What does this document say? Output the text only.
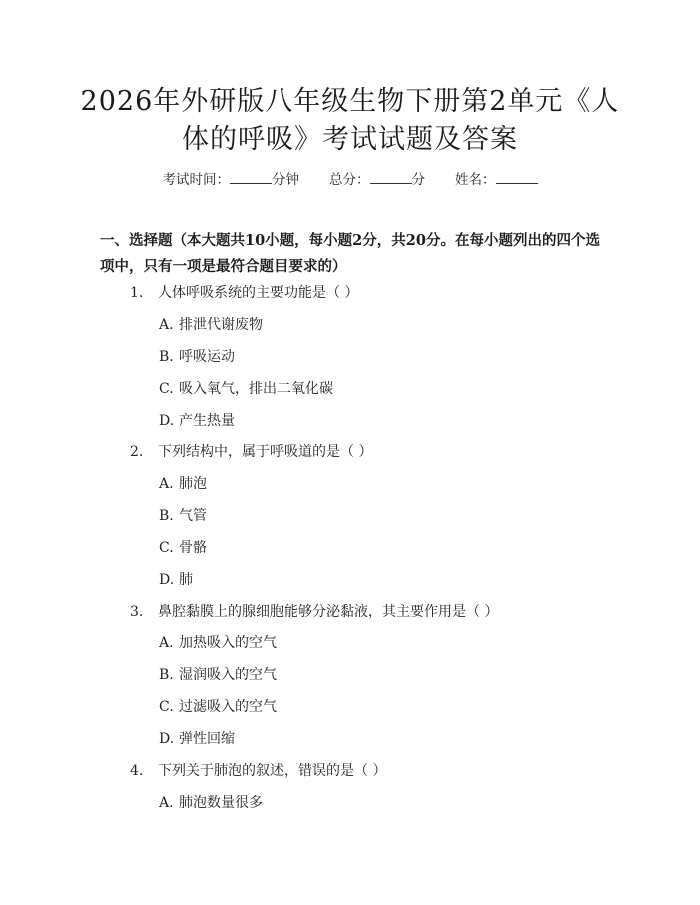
2026年外研版八年级生物下册第2单元《人
体的呼吸》考试试题及答案
考试时间：	分钟 总分：	分 姓名：
一、选择题（本大题共10小题，每小题2分，共20分。在每小题列出的四个选
项中，只有一项是最符合题目要求的）
1. 人体呼吸系统的主要功能是（ ）
A. 排泄代谢废物
B. 呼吸运动
C. 吸入氧气，排出二氧化碳
D. 产生热量
2. 下列结构中，属于呼吸道的是（ ）
A. 肺泡
B. 气管
C. 骨骼
D. 肺
3. 鼻腔黏膜上的腺细胞能够分泌黏液，其主要作用是（ ）
A. 加热吸入的空气
B. 湿润吸入的空气
C. 过滤吸入的空气
D. 弹性回缩
4. 下列关于肺泡的叙述，错误的是（ ）
A. 肺泡数量很多
